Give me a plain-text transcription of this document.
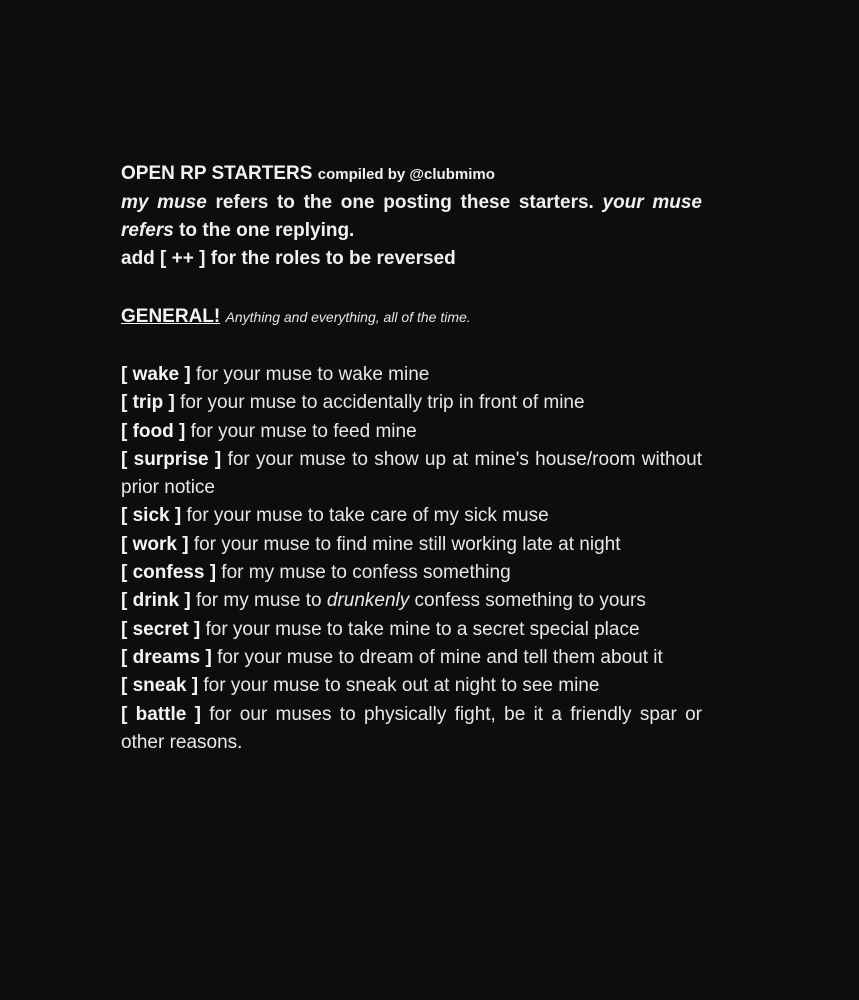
OPEN RP STARTERS compiled by @clubmimo
my muse refers to the one posting these starters. your muse refers to the one replying.
add [ ++ ] for the roles to be reversed
GENERAL! Anything and everything, all of the time.
[ wake ] for your muse to wake mine
[ trip ] for your muse to accidentally trip in front of mine
[ food ] for your muse to feed mine
[ surprise ] for your muse to show up at mine's house/room without prior notice
[ sick ] for your muse to take care of my sick muse
[ work ] for your muse to find mine still working late at night
[ confess ] for my muse to confess something
[ drink ] for my muse to drunkenly confess something to yours
[ secret ] for your muse to take mine to a secret special place
[ dreams ] for your muse to dream of mine and tell them about it
[ sneak ] for your muse to sneak out at night to see mine
[ battle ] for our muses to physically fight, be it a friendly spar or other reasons.
